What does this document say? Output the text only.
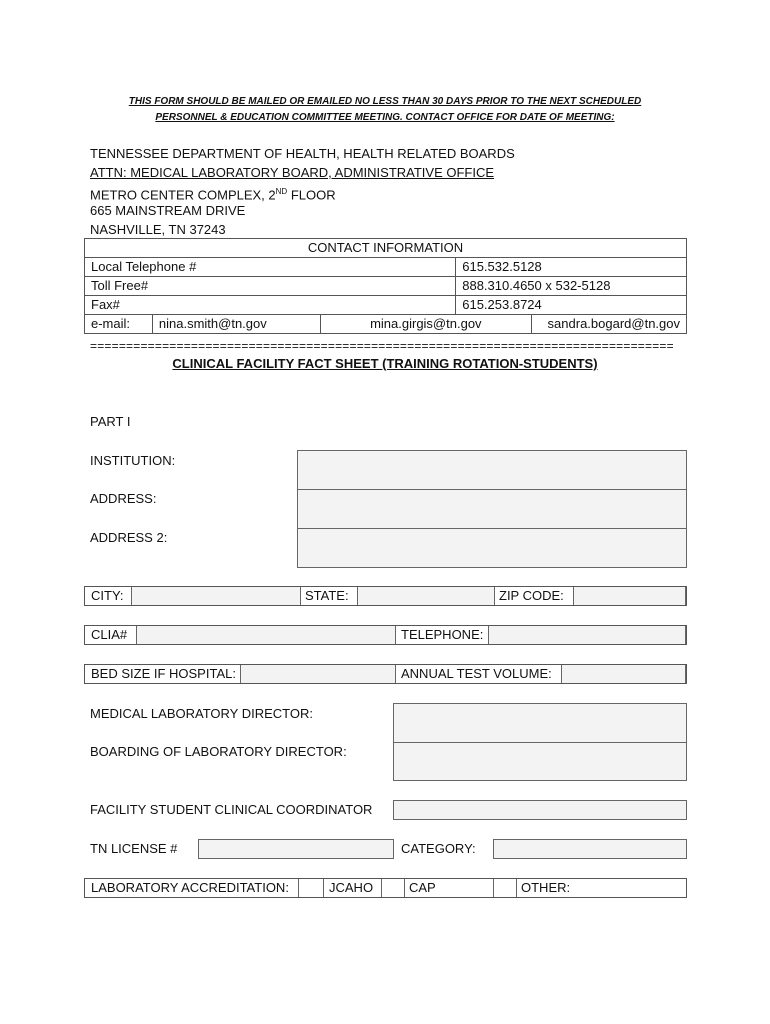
THIS FORM SHOULD BE MAILED OR EMAILED NO LESS THAN 30 DAYS PRIOR TO THE NEXT SCHEDULED
PERSONNEL & EDUCATION COMMITTEE MEETING. CONTACT OFFICE FOR DATE OF MEETING:
TENNESSEE DEPARTMENT OF HEALTH, HEALTH RELATED BOARDS
ATTN: MEDICAL LABORATORY BOARD, ADMINISTRATIVE OFFICE
METRO CENTER COMPLEX, 2ND FLOOR
665 MAINSTREAM DRIVE
NASHVILLE, TN 37243
CONTACT INFORMATION				
Local Telephone #			615.532.5128	
Toll Free#			888.310.4650 x 532-5128	
Fax#			615.253.8724	
e-mail:	nina.smith@tn.gov	mina.girgis@tn.gov		sandra.bogard@tn.gov
=================================================================================
CLINICAL FACILITY FACT SHEET (TRAINING ROTATION-STUDENTS)
PART I
INSTITUTION:
ADDRESS:
ADDRESS 2:
CITY:	STATE:	ZIP CODE:
CLIA#	TELEPHONE:
BED SIZE IF HOSPITAL:	ANNUAL TEST VOLUME:
MEDICAL LABORATORY DIRECTOR:
BOARDING OF LABORATORY DIRECTOR:
FACILITY STUDENT CLINICAL COORDINATOR
TN LICENSE #	CATEGORY:
LABORATORY ACCREDITATION:	JCAHO	CAP	OTHER:
